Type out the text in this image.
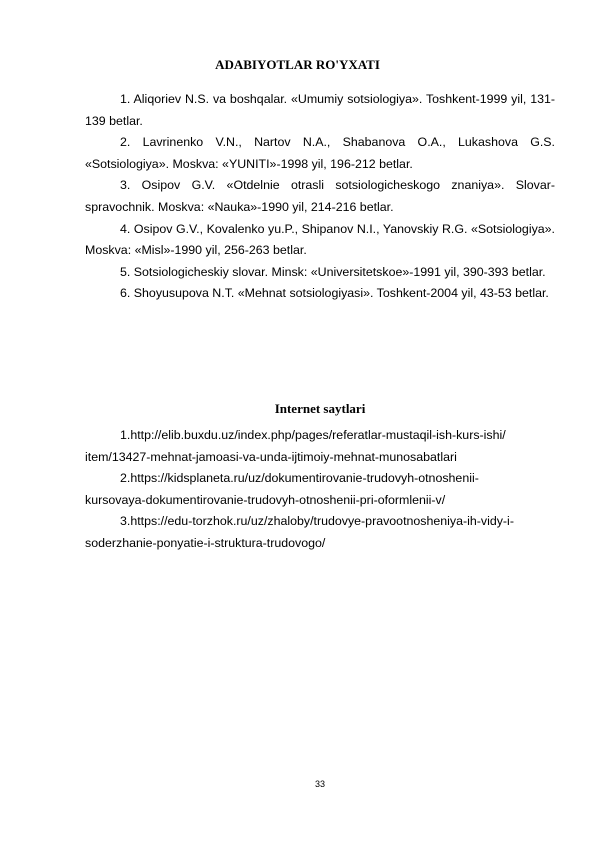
ADABIYOTLAR RO'YXATI

1. Aliqoriev N.S. va boshqalar. «Umumiy sotsiologiya». Toshkent-1999 yil, 131-139 betlar.

2. Lavrinenko V.N., Nartov N.A., Shabanova O.A., Lukashova G.S. «Sotsiologiya». Moskva: «YUNITI»-1998 yil, 196-212 betlar.

3. Osipov G.V. «Otdelnie otrasli sotsiologicheskogo znaniya». Slovar-spravochnik. Moskva: «Nauka»-1990 yil, 214-216 betlar.

4. Osipov G.V., Kovalenko yu.P., Shipanov N.I., Yanovskiy R.G. «Sotsiologiya». Moskva: «Misl»-1990 yil, 256-263 betlar.

5. Sotsiologicheskiy slovar. Minsk: «Universitetskoe»-1991 yil, 390-393 betlar.

6. Shoyusupova N.T. «Mehnat sotsiologiyasi». Toshkent-2004 yil, 43-53 betlar.

Internet saytlari

1.http://elib.buxdu.uz/index.php/pages/referatlar-mustaqil-ish-kurs-ishi/
item/13427-mehnat-jamoasi-va-unda-ijtimoiy-mehnat-munosabatlari

2.https://kidsplaneta.ru/uz/dokumentirovanie-trudovyh-otnoshenii-
kursovaya-dokumentirovanie-trudovyh-otnoshenii-pri-oformlenii-v/

3.https://edu-torzhok.ru/uz/zhaloby/trudovye-pravootnosheniya-ih-vidy-i-
soderzhanie-ponyatie-i-struktura-trudovogo/

33
